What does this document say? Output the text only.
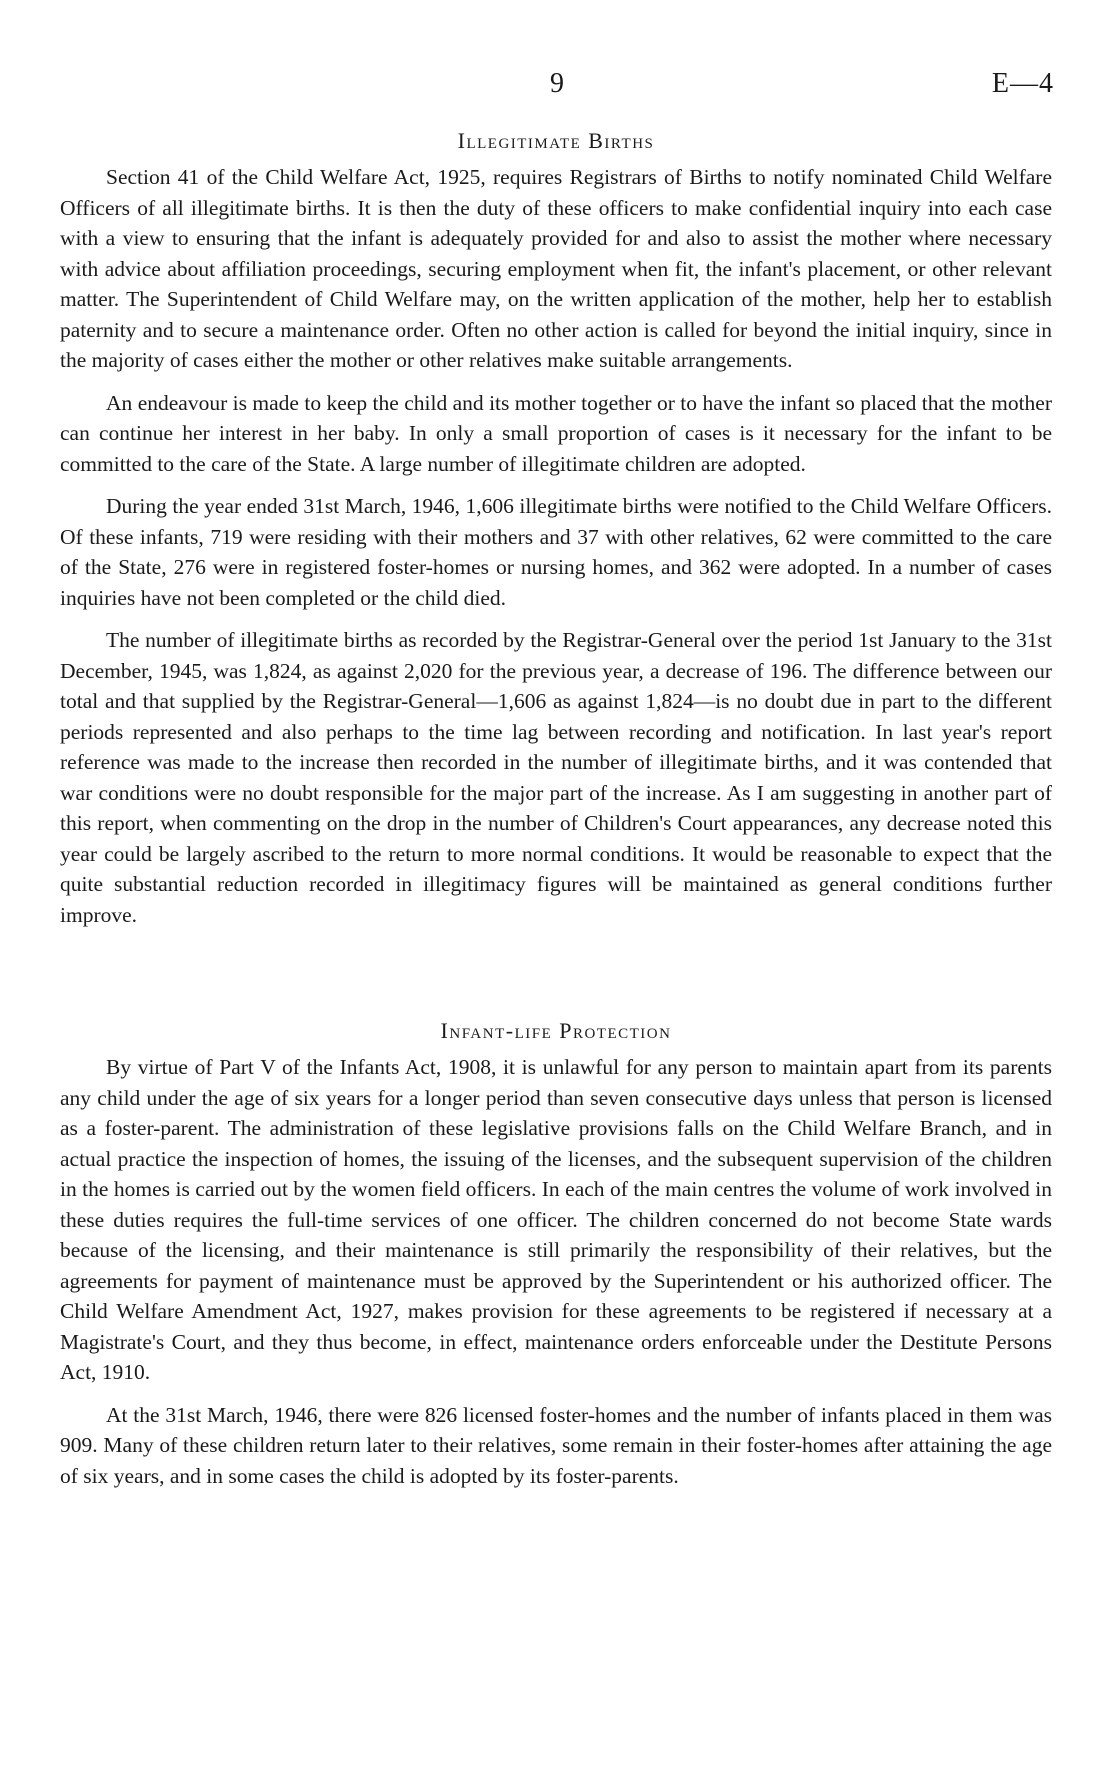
9	E—4
Illegitimate Births

Section 41 of the Child Welfare Act, 1925, requires Registrars of Births to notify nominated Child Welfare Officers of all illegitimate births. It is then the duty of these officers to make confidential inquiry into each case with a view to ensuring that the infant is adequately provided for and also to assist the mother where necessary with advice about affiliation proceedings, securing employment when fit, the infant's placement, or other relevant matter. The Superintendent of Child Welfare may, on the written application of the mother, help her to establish paternity and to secure a maintenance order. Often no other action is called for beyond the initial inquiry, since in the majority of cases either the mother or other relatives make suitable arrangements.

An endeavour is made to keep the child and its mother together or to have the infant so placed that the mother can continue her interest in her baby. In only a small proportion of cases is it necessary for the infant to be committed to the care of the State. A large number of illegitimate children are adopted.

During the year ended 31st March, 1946, 1,606 illegitimate births were notified to the Child Welfare Officers. Of these infants, 719 were residing with their mothers and 37 with other relatives, 62 were committed to the care of the State, 276 were in registered foster-homes or nursing homes, and 362 were adopted. In a number of cases inquiries have not been completed or the child died.

The number of illegitimate births as recorded by the Registrar-General over the period 1st January to the 31st December, 1945, was 1,824, as against 2,020 for the previous year, a decrease of 196. The difference between our total and that supplied by the Registrar-General—1,606 as against 1,824—is no doubt due in part to the different periods represented and also perhaps to the time lag between recording and notification. In last year's report reference was made to the increase then recorded in the number of illegitimate births, and it was contended that war conditions were no doubt responsible for the major part of the increase. As I am suggesting in another part of this report, when commenting on the drop in the number of Children's Court appearances, any decrease noted this year could be largely ascribed to the return to more normal conditions. It would be reasonable to expect that the quite substantial reduction recorded in illegitimacy figures will be maintained as general conditions further improve.

Infant-life Protection

By virtue of Part V of the Infants Act, 1908, it is unlawful for any person to maintain apart from its parents any child under the age of six years for a longer period than seven consecutive days unless that person is licensed as a foster-parent. The administration of these legislative provisions falls on the Child Welfare Branch, and in actual practice the inspection of homes, the issuing of the licenses, and the subsequent supervision of the children in the homes is carried out by the women field officers. In each of the main centres the volume of work involved in these duties requires the full-time services of one officer. The children concerned do not become State wards because of the licensing, and their maintenance is still primarily the responsibility of their relatives, but the agreements for payment of maintenance must be approved by the Superintendent or his authorized officer. The Child Welfare Amendment Act, 1927, makes provision for these agreements to be registered if necessary at a Magistrate's Court, and they thus become, in effect, maintenance orders enforceable under the Destitute Persons Act, 1910.

At the 31st March, 1946, there were 826 licensed foster-homes and the number of infants placed in them was 909. Many of these children return later to their relatives, some remain in their foster-homes after attaining the age of six years, and in some cases the child is adopted by its foster-parents.
